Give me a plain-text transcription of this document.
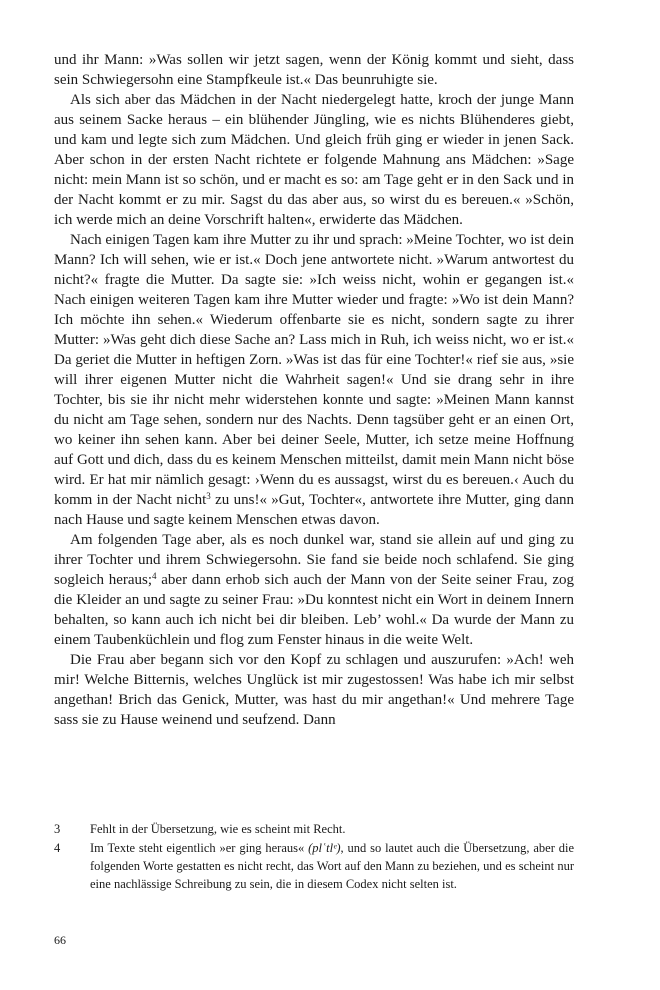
und ihr Mann: »Was sollen wir jetzt sagen, wenn der König kommt und sieht, dass sein Schwiegersohn eine Stampfkeule ist.« Das beunruhigte sie.

Als sich aber das Mädchen in der Nacht niedergelegt hatte, kroch der junge Mann aus seinem Sacke heraus – ein blühender Jüngling, wie es nichts Blühenderes giebt, und kam und legte sich zum Mädchen. Und gleich früh ging er wieder in jenen Sack. Aber schon in der ersten Nacht richtete er folgende Mahnung ans Mädchen: »Sage nicht: mein Mann ist so schön, und er macht es so: am Tage geht er in den Sack und in der Nacht kommt er zu mir. Sagst du das aber aus, so wirst du es bereuen.« »Schön, ich werde mich an deine Vorschrift halten«, erwiderte das Mädchen.

Nach einigen Tagen kam ihre Mutter zu ihr und sprach: »Meine Tochter, wo ist dein Mann? Ich will sehen, wie er ist.« Doch jene antwortete nicht. »Warum antwortest du nicht?« fragte die Mutter. Da sagte sie: »Ich weiss nicht, wohin er gegangen ist.« Nach einigen weiteren Tagen kam ihre Mutter wieder und fragte: »Wo ist dein Mann? Ich möchte ihn sehen.« Wiederum offenbarte sie es nicht, sondern sagte zu ihrer Mutter: »Was geht dich diese Sache an? Lass mich in Ruh, ich weiss nicht, wo er ist.« Da geriet die Mutter in heftigen Zorn. »Was ist das für eine Tochter!« rief sie aus, »sie will ihrer eigenen Mutter nicht die Wahrheit sagen!« Und sie drang sehr in ihre Tochter, bis sie ihr nicht mehr widerstehen konnte und sagte: »Meinen Mann kannst du nicht am Tage sehen, sondern nur des Nachts. Denn tagsüber geht er an einen Ort, wo keiner ihn sehen kann. Aber bei deiner Seele, Mutter, ich setze meine Hoffnung auf Gott und dich, dass du es keinem Menschen mitteilst, damit mein Mann nicht böse wird. Er hat mir nämlich gesagt: ›Wenn du es aussagst, wirst du es bereuen.‹ Auch du komm in der Nacht nicht$^3$ zu uns!« »Gut, Tochter«, antwortete ihre Mutter, ging dann nach Hause und sagte keinem Menschen etwas davon.

Am folgenden Tage aber, als es noch dunkel war, stand sie allein auf und ging zu ihrer Tochter und ihrem Schwiegersohn. Sie fand sie beide noch schlafend. Sie ging sogleich heraus;$^4$ aber dann erhob sich auch der Mann von der Seite seiner Frau, zog die Kleider an und sagte zu seiner Frau: »Du konntest nicht ein Wort in deinem Innern behalten, so kann auch ich nicht bei dir bleiben. Leb’ wohl.« Da wurde der Mann zu einem Taubenküchlein und flog zum Fenster hinaus in die weite Welt.

Die Frau aber begann sich vor den Kopf zu schlagen und auszurufen: »Ach! weh mir! Welche Bitternis, welches Unglück ist mir zugestossen! Was habe ich mir selbst angethan! Brich das Genick, Mutter, was hast du mir angethan!« Und mehrere Tage sass sie zu Hause weinend und seufzend. Dann

3	Fehlt in der Übersetzung, wie es scheint mit Recht.
4	Im Texte steht eigentlich »er ging heraus« (plʿtlᵉ), und so lautet auch die Übersetzung, aber die folgenden Worte gestatten es nicht recht, das Wort auf den Mann zu beziehen, und es scheint nur eine nachlässige Schreibung zu sein, die in diesem Codex nicht selten ist.
66
